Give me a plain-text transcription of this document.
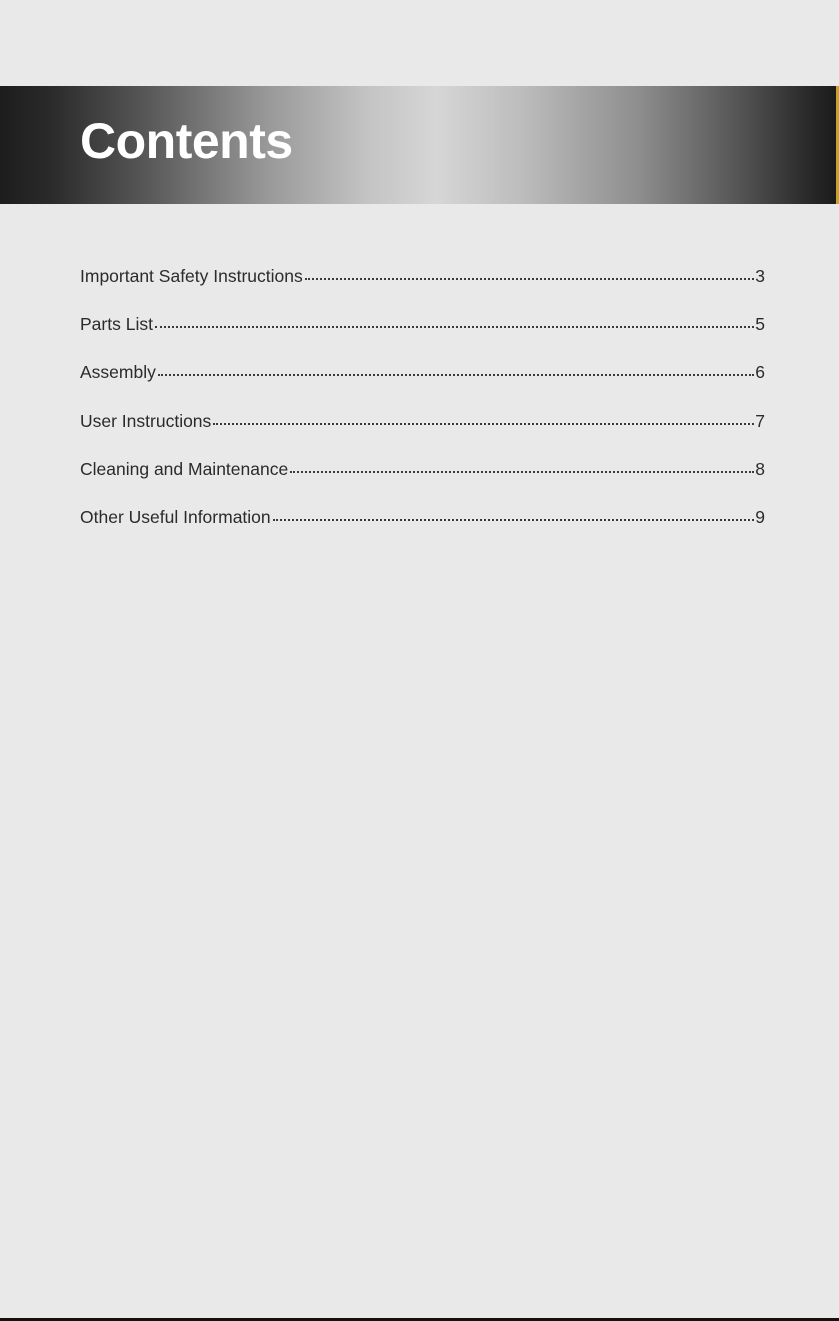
Contents
Important Safety Instructions	3
Parts List	5
Assembly	6
User Instructions	7
Cleaning and Maintenance	8
Other Useful Information	9
